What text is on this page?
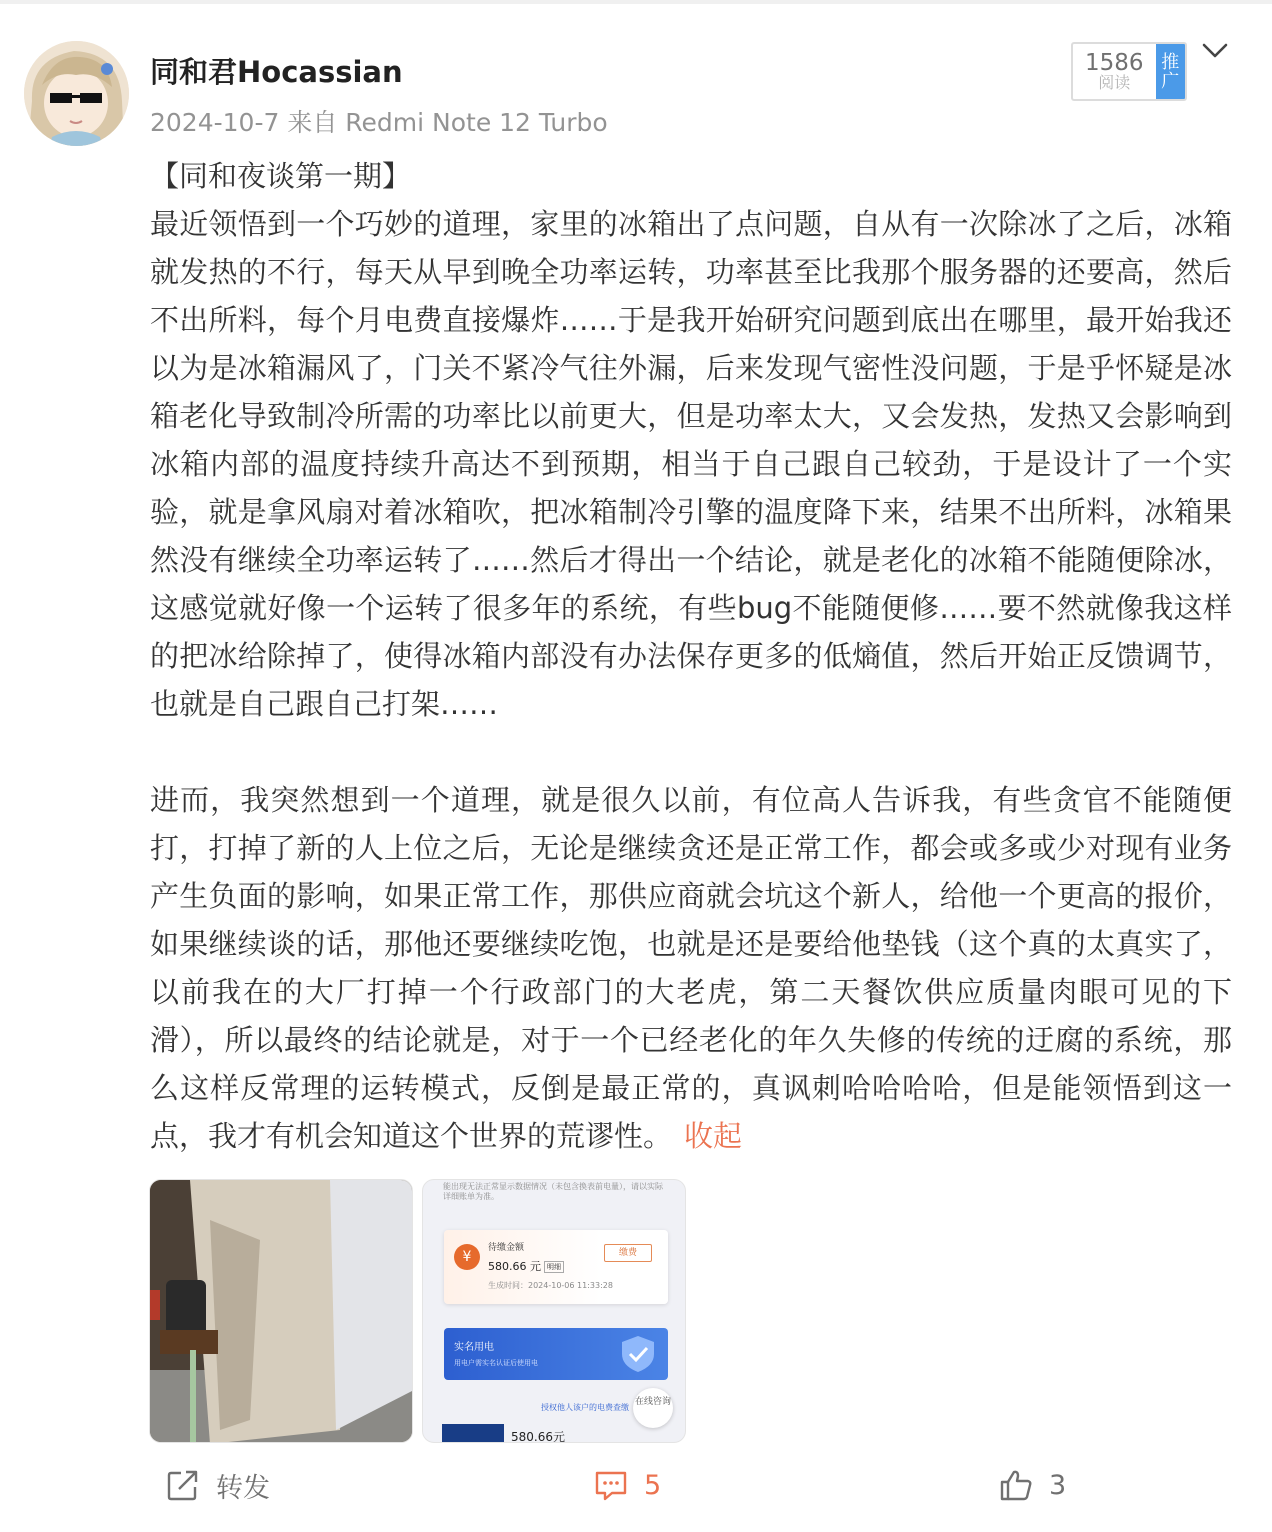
同和君Hocassian
2024-10-7 来自 Redmi Note 12 Turbo
1586
阅读
推广

【同和夜谈第一期】

最近领悟到一个巧妙的道理，家里的冰箱出了点问题，自从有一次除冰了之后，冰箱就发热的不行，每天从早到晚全功率运转，功率甚至比我那个服务器的还要高，然后不出所料，每个月电费直接爆炸……于是我开始研究问题到底出在哪里，最开始我还以为是冰箱漏风了，门关不紧冷气往外漏，后来发现气密性没问题，于是乎怀疑是冰箱老化导致制冷所需的功率比以前更大，但是功率太大，又会发热，发热又会影响到冰箱内部的温度持续升高达不到预期，相当于自己跟自己较劲，于是设计了一个实验，就是拿风扇对着冰箱吹，把冰箱制冷引擎的温度降下来，结果不出所料，冰箱果然没有继续全功率运转了……然后才得出一个结论，就是老化的冰箱不能随便除冰，这感觉就好像一个运转了很多年的系统，有些bug不能随便修……要不然就像我这样的把冰给除掉了，使得冰箱内部没有办法保存更多的低熵值，然后开始正反馈调节，也就是自己跟自己打架……

进而，我突然想到一个道理，就是很久以前，有位高人告诉我，有些贪官不能随便打，打掉了新的人上位之后，无论是继续贪还是正常工作，都会或多或少对现有业务产生负面的影响，如果正常工作，那供应商就会坑这个新人，给他一个更高的报价，如果继续谈的话，那他还要继续吃饱，也就是还是要给他垫钱（这个真的太真实了，以前我在的大厂打掉一个行政部门的大老虎，第二天餐饮供应质量肉眼可见的下滑），所以最终的结论就是，对于一个已经老化的年久失修的传统的迂腐的系统，那么这样反常理的运转模式，反倒是最正常的，真讽刺哈哈哈哈，但是能领悟到这一点，我才有机会知道这个世界的荒谬性。 收起

能出现无法正常显示数据情况（未包含换表前电量），请以实际
详细账单为准。
¥
待缴金额
580.66 元 明细
生成时间：2024-10-06 11:33:28
缴费
实名用电
用电户需实名认证后使用电
授权他人该户的电费查缴
在线咨询
580.66元
转发	5	3
